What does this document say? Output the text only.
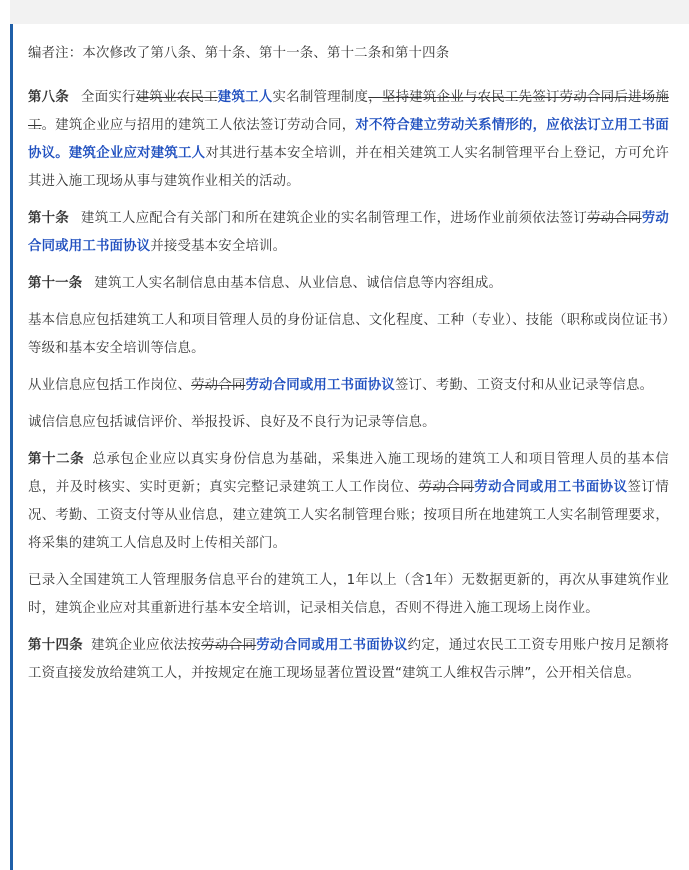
编者注：本次修改了第八条、第十条、第十一条、第十二条和第十四条

第八条 全面实行建筑业农民工建筑工人实名制管理制度，坚持建筑企业与农民工先签订劳动合同后进场施工。建筑企业应与招用的建筑工人依法签订劳动合同，对不符合建立劳动关系情形的，应依法订立用工书面协议。建筑企业应对建筑工人对其进行基本安全培训，并在相关建筑工人实名制管理平台上登记，方可允许其进入施工现场从事与建筑作业相关的活动。

第十条 建筑工人应配合有关部门和所在建筑企业的实名制管理工作，进场作业前须依法签订劳动合同劳动合同或用工书面协议并接受基本安全培训。

第十一条 建筑工人实名制信息由基本信息、从业信息、诚信信息等内容组成。

基本信息应包括建筑工人和项目管理人员的身份证信息、文化程度、工种（专业）、技能（职称或岗位证书）等级和基本安全培训等信息。

从业信息应包括工作岗位、劳动合同劳动合同或用工书面协议签订、考勤、工资支付和从业记录等信息。

诚信信息应包括诚信评价、举报投诉、良好及不良行为记录等信息。

第十二条 总承包企业应以真实身份信息为基础，采集进入施工现场的建筑工人和项目管理人员的基本信息，并及时核实、实时更新；真实完整记录建筑工人工作岗位、劳动合同劳动合同或用工书面协议签订情况、考勤、工资支付等从业信息，建立建筑工人实名制管理台账；按项目所在地建筑工人实名制管理要求，将采集的建筑工人信息及时上传相关部门。

已录入全国建筑工人管理服务信息平台的建筑工人，1年以上（含1年）无数据更新的，再次从事建筑作业时，建筑企业应对其重新进行基本安全培训，记录相关信息，否则不得进入施工现场上岗作业。

第十四条 建筑企业应依法按劳动合同劳动合同或用工书面协议约定，通过农民工工资专用账户按月足额将工资直接发放给建筑工人，并按规定在施工现场显著位置设置“建筑工人维权告示牌”，公开相关信息。
